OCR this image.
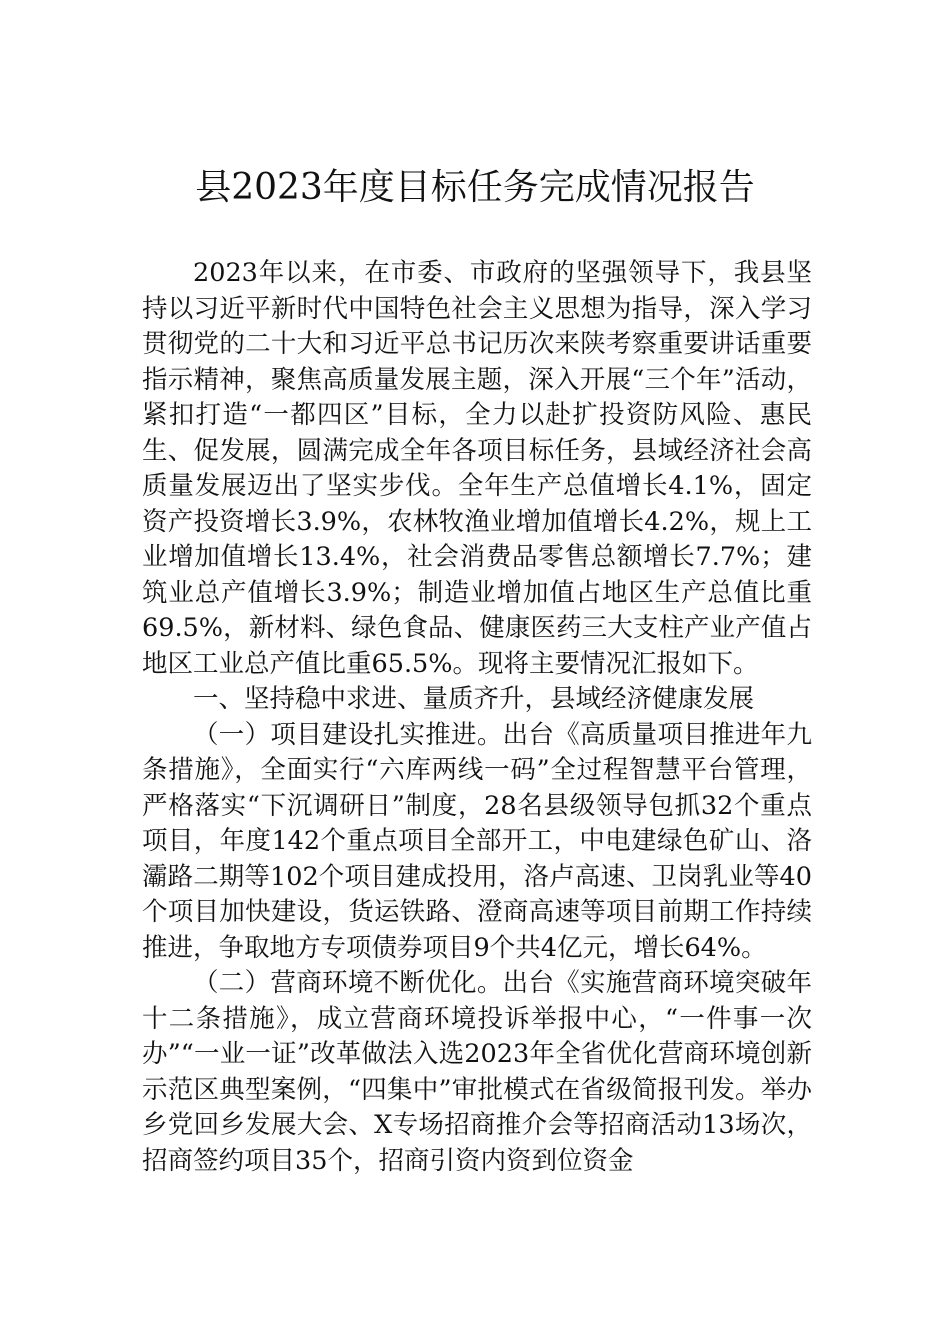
县2023年度目标任务完成情况报告

2023年以来，在市委、市政府的坚强领导下，我县坚持以习近平新时代中国特色社会主义思想为指导，深入学习贯彻党的二十大和习近平总书记历次来陕考察重要讲话重要指示精神，聚焦高质量发展主题，深入开展“三个年”活动，紧扣打造“一都四区”目标，全力以赴扩投资防风险、惠民生、促发展，圆满完成全年各项目标任务，县域经济社会高质量发展迈出了坚实步伐。全年生产总值增长4.1%，固定资产投资增长3.9%，农林牧渔业增加值增长4.2%，规上工业增加值增长13.4%，社会消费品零售总额增长7.7%；建筑业总产值增长3.9%；制造业增加值占地区生产总值比重69.5%，新材料、绿色食品、健康医药三大支柱产业产值占地区工业总产值比重65.5%。现将主要情况汇报如下。

一、坚持稳中求进、量质齐升，县域经济健康发展

（一）项目建设扎实推进。出台《高质量项目推进年九条措施》，全面实行“六库两线一码”全过程智慧平台管理，严格落实“下沉调研日”制度，28名县级领导包抓32个重点项目，年度142个重点项目全部开工，中电建绿色矿山、洛灞路二期等102个项目建成投用，洛卢高速、卫岗乳业等40个项目加快建设，货运铁路、澄商高速等项目前期工作持续推进，争取地方专项债券项目9个共4亿元，增长64%。

（二）营商环境不断优化。出台《实施营商环境突破年十二条措施》，成立营商环境投诉举报中心，“一件事一次办”“一业一证”改革做法入选2023年全省优化营商环境创新示范区典型案例，“四集中”审批模式在省级简报刊发。举办乡党回乡发展大会、X专场招商推介会等招商活动13场次，招商签约项目35个，招商引资内资到位资金
